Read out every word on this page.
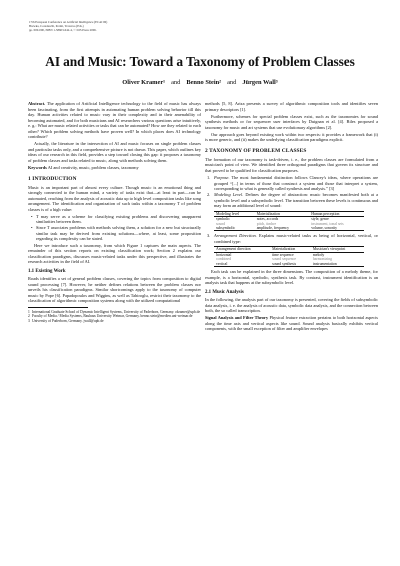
17th European Conference on Artificial Intelligence (ECAI 06)
Brewka, Coradeschi, Perini, Traverso (Eds.)
pp. 000-000, ISBN 1-58603-642-4, © IOS Press 2006.
AI and Music: Toward a Taxonomy of Problem Classes
Oliver Kramer¹ and Benno Stein² and Jürgen Wall³

Abstract. The application of Artificial Intelligence technology to the field of music has always been fascinating, from the first attempts in automating human problem solving behavior till this day. Human activities related to music vary in their complexity and in their amenability of becoming automated, and for both musicians and AI researchers various questions arise intuitively, e. g.: What are music related activities or tasks that can be automated? How are they related to each other? Which problem solving methods have proven well? In which places does AI technology contribute?

Actually, the literature in the intersection of AI and music focuses on single problem classes and particular tasks only, and a comprehensive picture is not drawn. This paper, which outlines key ideas of our research in this field, provides a step toward closing this gap: it proposes a taxonomy of problem classes and tasks related to music, along with methods solving them.

Keywords AI and creativity, music, problem classes, taxonomy

1 INTRODUCTION

Music is an important part of almost every culture. Though music is an emotional thing and strongly connected to the human mind, a variety of tasks exist that—at least in part—can be automated, reaching from the analysis of acoustic data up to high level composition tasks like song arrangement. The identification and organization of such tasks within a taxonomy T of problem classes is of a high value:

• T may serve as a scheme for classifying existing problems and discovering unapparent similarities between them.
• Since T associates problems with methods solving them, a solution for a new but structurally similar task may be derived from existing solutions—where, at least, some proposition regarding its complexity can be stated.

Here we introduce such a taxonomy, from which Figure 1 captures the main aspects. The remainder of this section reports on existing classification work; Section 2 explains our classification paradigms, discusses music-related tasks under this perspective, and illustrates the research activities in the field of AI.

1.1 Existing Work

Roads identifies a set of general problem classes, covering the topics from composition to digital sound processing [7]. However, he neither defines relations between the problem classes nor unveils his classification paradigms. Similar shortcomings apply to the taxonomy of computer music by Pope [6]. Papadopoulos and Wiggins, as well as Tahiroglu, restrict their taxonomy to the classification of algorithmic composition systems along with the utilized computational

1 International Graduate School of Dynamic Intelligent Systems, University of Paderborn, Germany. okramer@upb.de
2 Faculty of Media / Media Systems, Bauhaus University Weimar, Germany. benno.stein@medien.uni-weimar.de
3 University of Paderborn, Germany. jwall@upb.de

methods [5, 8]. Ariza presents a survey of algorithmic composition tools and identifies seven primary descriptors [1].

Furthermore, schemes for special problem classes exist, such as the taxonomies for sound synthesis methods or for sequencer user interfaces by Duignan et al. [4]. Biles proposed a taxonomy for music and art systems that use evolutionary algorithms [2].

Our approach goes beyond existing work within two respects: it provides a framework that (i) is more generic, and (ii) makes the underlying classification paradigms explicit.

2 TAXONOMY OF PROBLEM CLASSES

The formation of our taxonomy is task-driven, i. e., the problem classes are formulated from a musician's point of view. We identified three orthogonal paradigms that govern its structure and that proved to be qualified for classification purposes.

1. Purpose. The most fundamental distinction follows Clancey's ideas, where operations are grouped “[...] in terms of those that construct a system and those that interpret a system, corresponding to what is generally called synthesis and analysis.” [3]
2. Modeling Level. Defines the degree of abstraction: music becomes manifested both at a symbolic level and a subsymbolic level. The transition between these levels is continuous and may form an additional level of sound:
Modeling level	Materialization	Human perception
symbolic	notes, accords	style, genre
sound	pitch, timbre	instrument, tonal sets
subsymbolic	amplitude, frequency	volume, sonority
3. Arrangement Direction. Explains music-related tasks as being of horizontal, vertical, or combined type:
Arrangement direction	Materialization	Musician's viewpoint
horizontal	time sequence	melody
combined	sound sequence	harmonizing
vertical	sound synthesis	instrumentation

Each task can be explained in the three dimensions. The composition of a melody theme, for example, is a horizontal, symbolic, synthesis task. By contrast, instrument identification is an analysis task that happens at the subsymbolic level.

2.1 Music Analysis

In the following, the analysis part of our taxonomy is presented, covering the fields of subsymbolic data analysis, i. e. the analysis of acoustic data, symbolic data analysis, and the connection between both, the so called transcription.

Signal Analysis and Filter Theory Physical feature extraction pertains to both horizontal aspects along the time axis and vertical aspects like sound. Sound analysis basically exhibits vertical components, with the small exception of filter and amplifier envelopes
